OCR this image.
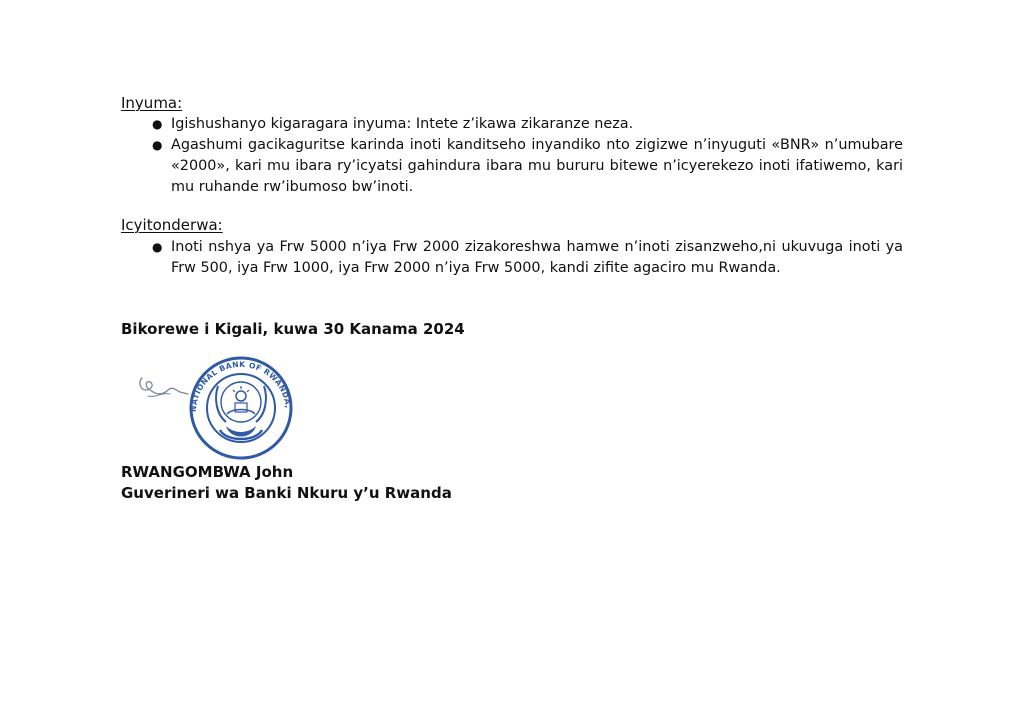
Inyuma:
● Igishushanyo kigaragara inyuma: Intete z’ikawa zikaranze neza.
● Agashumi gacikaguritse karinda inoti kanditseho inyandiko nto zigizwe n’inyuguti «BNR» n’umubare «2000», kari mu ibara ry’icyatsi gahindura ibara mu bururu bitewe n’icyerekezo inoti ifatiwemo, kari mu ruhande rw’ibumoso bw’inoti.
Icyitonderwa:
● Inoti nshya ya Frw 5000 n’iya Frw 2000 zizakoreshwa hamwe n’inoti zisanzweho,ni ukuvuga inoti ya Frw 500, iya Frw 1000, iya Frw 2000 n’iya Frw 5000, kandi zifite agaciro mu Rwanda.
Bikorewe i Kigali, kuwa 30 Kanama 2024
NATIONAL BANK OF RWANDA,
RWANGOMBWA John
Guverineri wa Banki Nkuru y’u Rwanda
